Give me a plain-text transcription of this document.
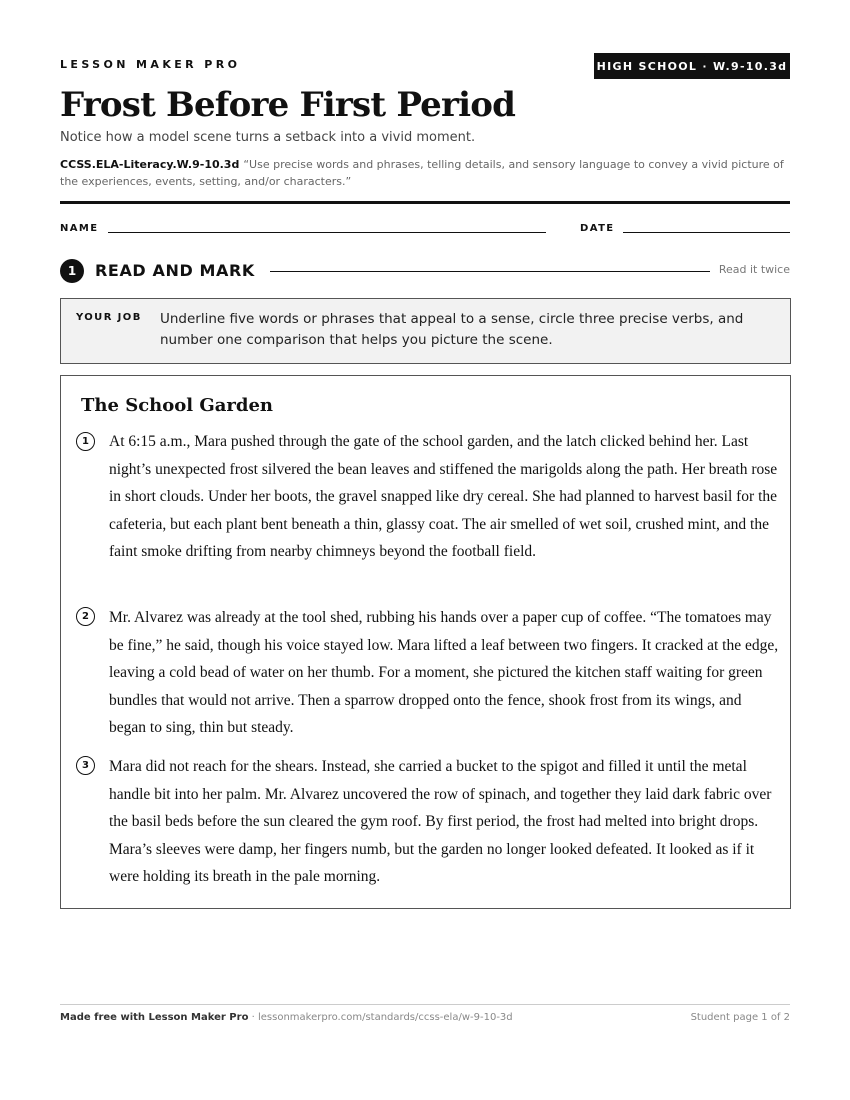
LESSON MAKER PRO	HIGH SCHOOL · W.9-10.3d
Frost Before First Period
Notice how a model scene turns a setback into a vivid moment.
CCSS.ELA-Literacy.W.9-10.3d “Use precise words and phrases, telling details, and sensory language to convey a vivid picture of the experiences, events, setting, and/or characters.”
NAME	DATE
1	READ AND MARK	Read it twice
YOUR JOB Underline five words or phrases that appeal to a sense, circle three precise verbs, and number one comparison that helps you picture the scene.
The School Garden
1	At 6:15 a.m., Mara pushed through the gate of the school garden, and the latch clicked behind her. Last night’s unexpected frost silvered the bean leaves and stiffened the marigolds along the path. Her breath rose in short clouds. Under her boots, the gravel snapped like dry cereal. She had planned to harvest basil for the cafeteria, but each plant bent beneath a thin, glassy coat. The air smelled of wet soil, crushed mint, and the faint smoke drifting from nearby chimneys beyond the football field.
2	Mr. Alvarez was already at the tool shed, rubbing his hands over a paper cup of coffee. “The tomatoes may be fine,” he said, though his voice stayed low. Mara lifted a leaf between two fingers. It cracked at the edge, leaving a cold bead of water on her thumb. For a moment, she pictured the kitchen staff waiting for green bundles that would not arrive. Then a sparrow dropped onto the fence, shook frost from its wings, and began to sing, thin but steady.
3	Mara did not reach for the shears. Instead, she carried a bucket to the spigot and filled it until the metal handle bit into her palm. Mr. Alvarez uncovered the row of spinach, and together they laid dark fabric over the basil beds before the sun cleared the gym roof. By first period, the frost had melted into bright drops. Mara’s sleeves were damp, her fingers numb, but the garden no longer looked defeated. It looked as if it were holding its breath in the pale morning.
Made free with Lesson Maker Pro · lessonmakerpro.com/standards/ccss-ela/w-9-10-3d	Student page 1 of 2
